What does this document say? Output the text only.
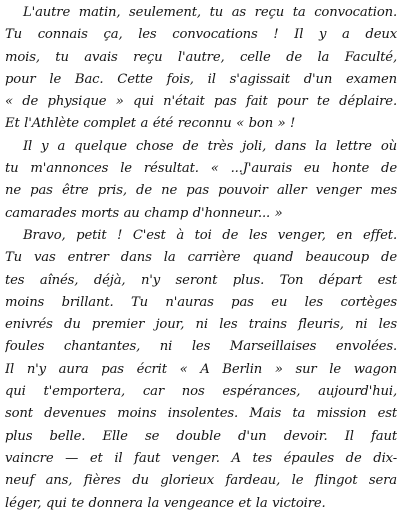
L'autre matin, seulement, tu as reçu ta convocation.
Tu connais ça, les convocations ! Il y a deux
mois, tu avais reçu l'autre, celle de la Faculté,
pour le Bac. Cette fois, il s'agissait d'un examen
« de physique » qui n'était pas fait pour te déplaire.
Et l'Athlète complet a été reconnu « bon » !
Il y a quelque chose de très joli, dans la lettre où
tu m'annonces le résultat. « ...J'aurais eu honte de
ne pas être pris, de ne pas pouvoir aller venger mes
camarades morts au champ d'honneur... »
Bravo, petit ! C'est à toi de les venger, en effet.
Tu vas entrer dans la carrière quand beaucoup de
tes aînés, déjà, n'y seront plus. Ton départ est
moins brillant. Tu n'auras pas eu les cortèges
enivrés du premier jour, ni les trains fleuris, ni les
foules chantantes, ni les Marseillaises envolées.
Il n'y aura pas écrit « A Berlin » sur le wagon
qui t'emportera, car nos espérances, aujourd'hui,
sont devenues moins insolentes. Mais ta mission est
plus belle. Elle se double d'un devoir. Il faut
vaincre — et il faut venger. A tes épaules de dix-
neuf ans, fières du glorieux fardeau, le flingot sera
léger, qui te donnera la vengeance et la victoire.
